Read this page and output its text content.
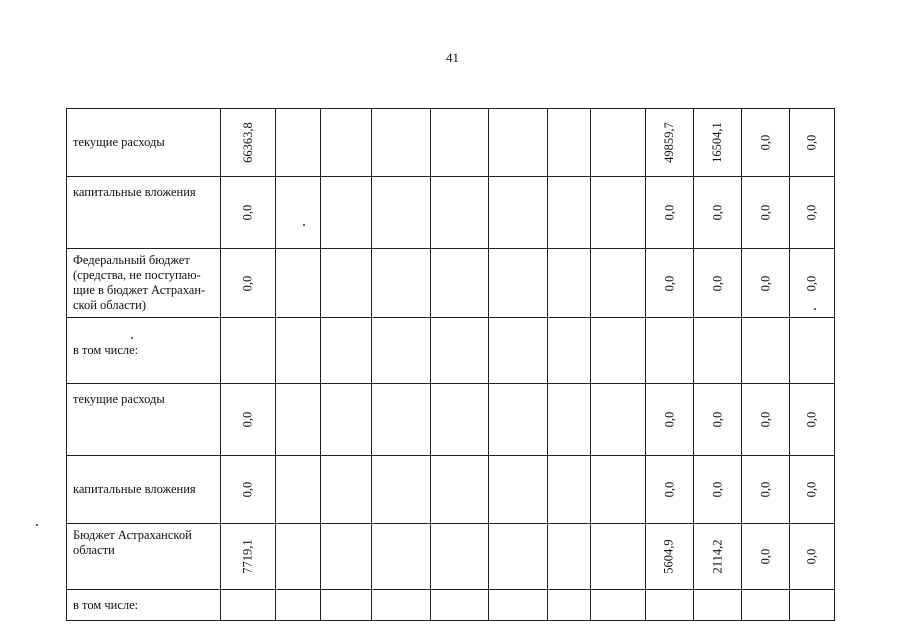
41
текущие расходы	66363,8								49859,7	16504,1	0,0	0,0
капитальные вложения	0,0								0,0	0,0	0,0	0,0

Федеральный бюджет
(средства, не поступаю-
щие в бюджет Астрахан-
ской области)	0,0								0,0	0,0	0,0	0,0
в том числе:												
текущие расходы	0,0								0,0	0,0	0,0	0,0
капитальные вложения	0,0								0,0	0,0	0,0	0,0

Бюджет Астраханской
области	7719,1								5604,9	2114,2	0,0	0,0
в том числе:												
